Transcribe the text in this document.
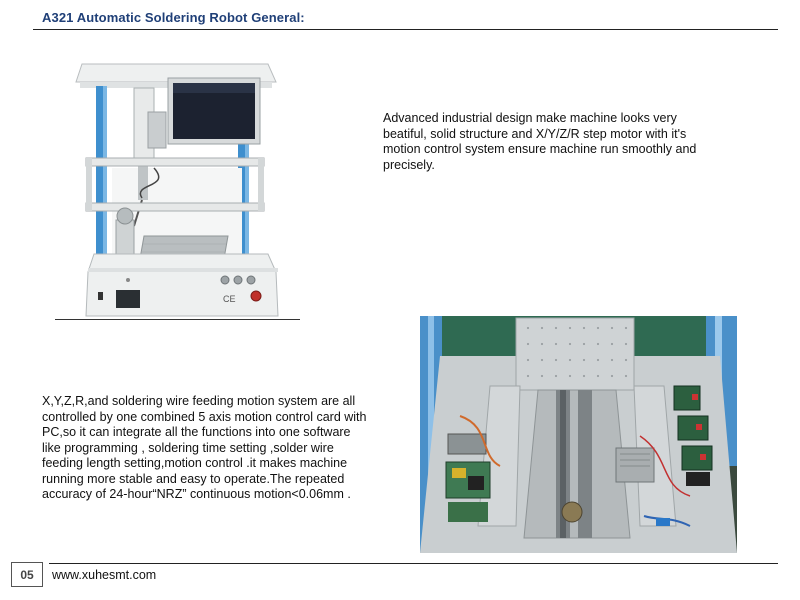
A321 Automatic Soldering Robot General:
CE
Advanced industrial design make machine looks very beatiful, solid structure and X/Y/Z/R step motor with it's motion control system ensure machine run smoothly and precisely.
X,Y,Z,R,and soldering wire feeding motion system are all controlled by one combined 5 axis motion control card with PC,so it can integrate all the functions into one software like programming , soldering time setting ,solder wire feeding length setting,motion control .it makes machine running more stable and easy to operate.The repeated accuracy of 24-hour“NRZ” continuous motion<0.06mm .
05	www.xuhesmt.com
